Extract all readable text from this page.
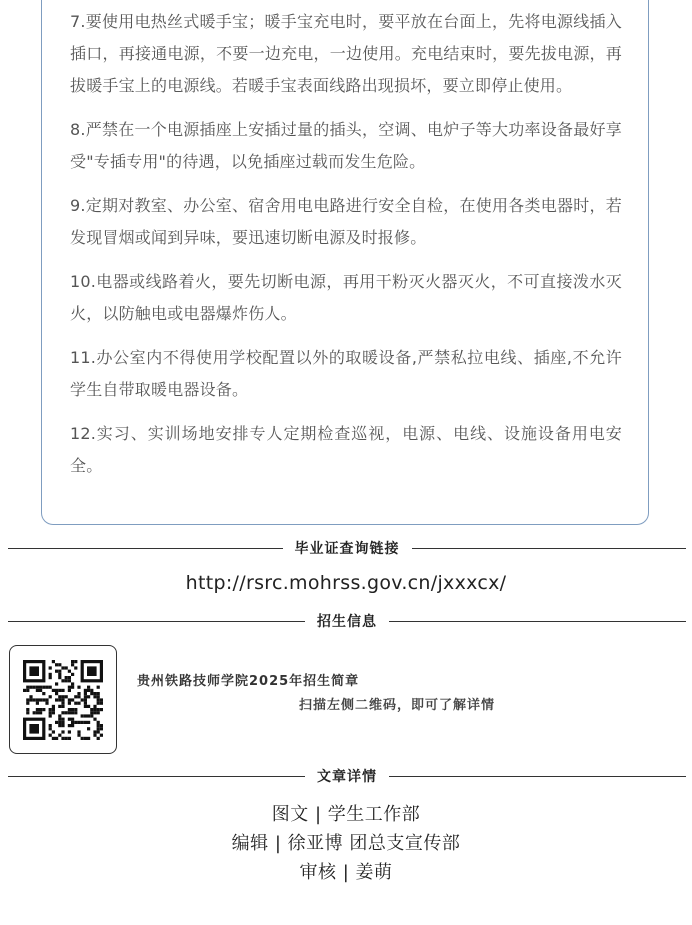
7.要使用电热丝式暖手宝；暖手宝充电时，要平放在台面上，先将电源线插入插口，再接通电源，不要一边充电，一边使用。充电结束时，要先拔电源，再拔暖手宝上的电源线。若暖手宝表面线路出现损坏，要立即停止使用。

8.严禁在一个电源插座上安插过量的插头，空调、电炉子等大功率设备最好享受"专插专用"的待遇，以免插座过载而发生危险。

9.定期对教室、办公室、宿舍用电电路进行安全自检，在使用各类电器时，若发现冒烟或闻到异味，要迅速切断电源及时报修。

10.电器或线路着火，要先切断电源，再用干粉灭火器灭火，不可直接泼水灭火，以防触电或电器爆炸伤人。

11.办公室内不得使用学校配置以外的取暖设备,严禁私拉电线、插座,不允许学生自带取暖电器设备。

12.实习、实训场地安排专人定期检查巡视，电源、电线、设施设备用电安全。

毕业证查询链接
http://rsrc.mohrss.gov.cn/jxxxcx/
招生信息
贵州铁路技师学院2025年招生简章
扫描左侧二维码，即可了解详情
文章详情
图文 | 学生工作部
编辑 | 徐亚博 团总支宣传部
审核 | 姜萌
